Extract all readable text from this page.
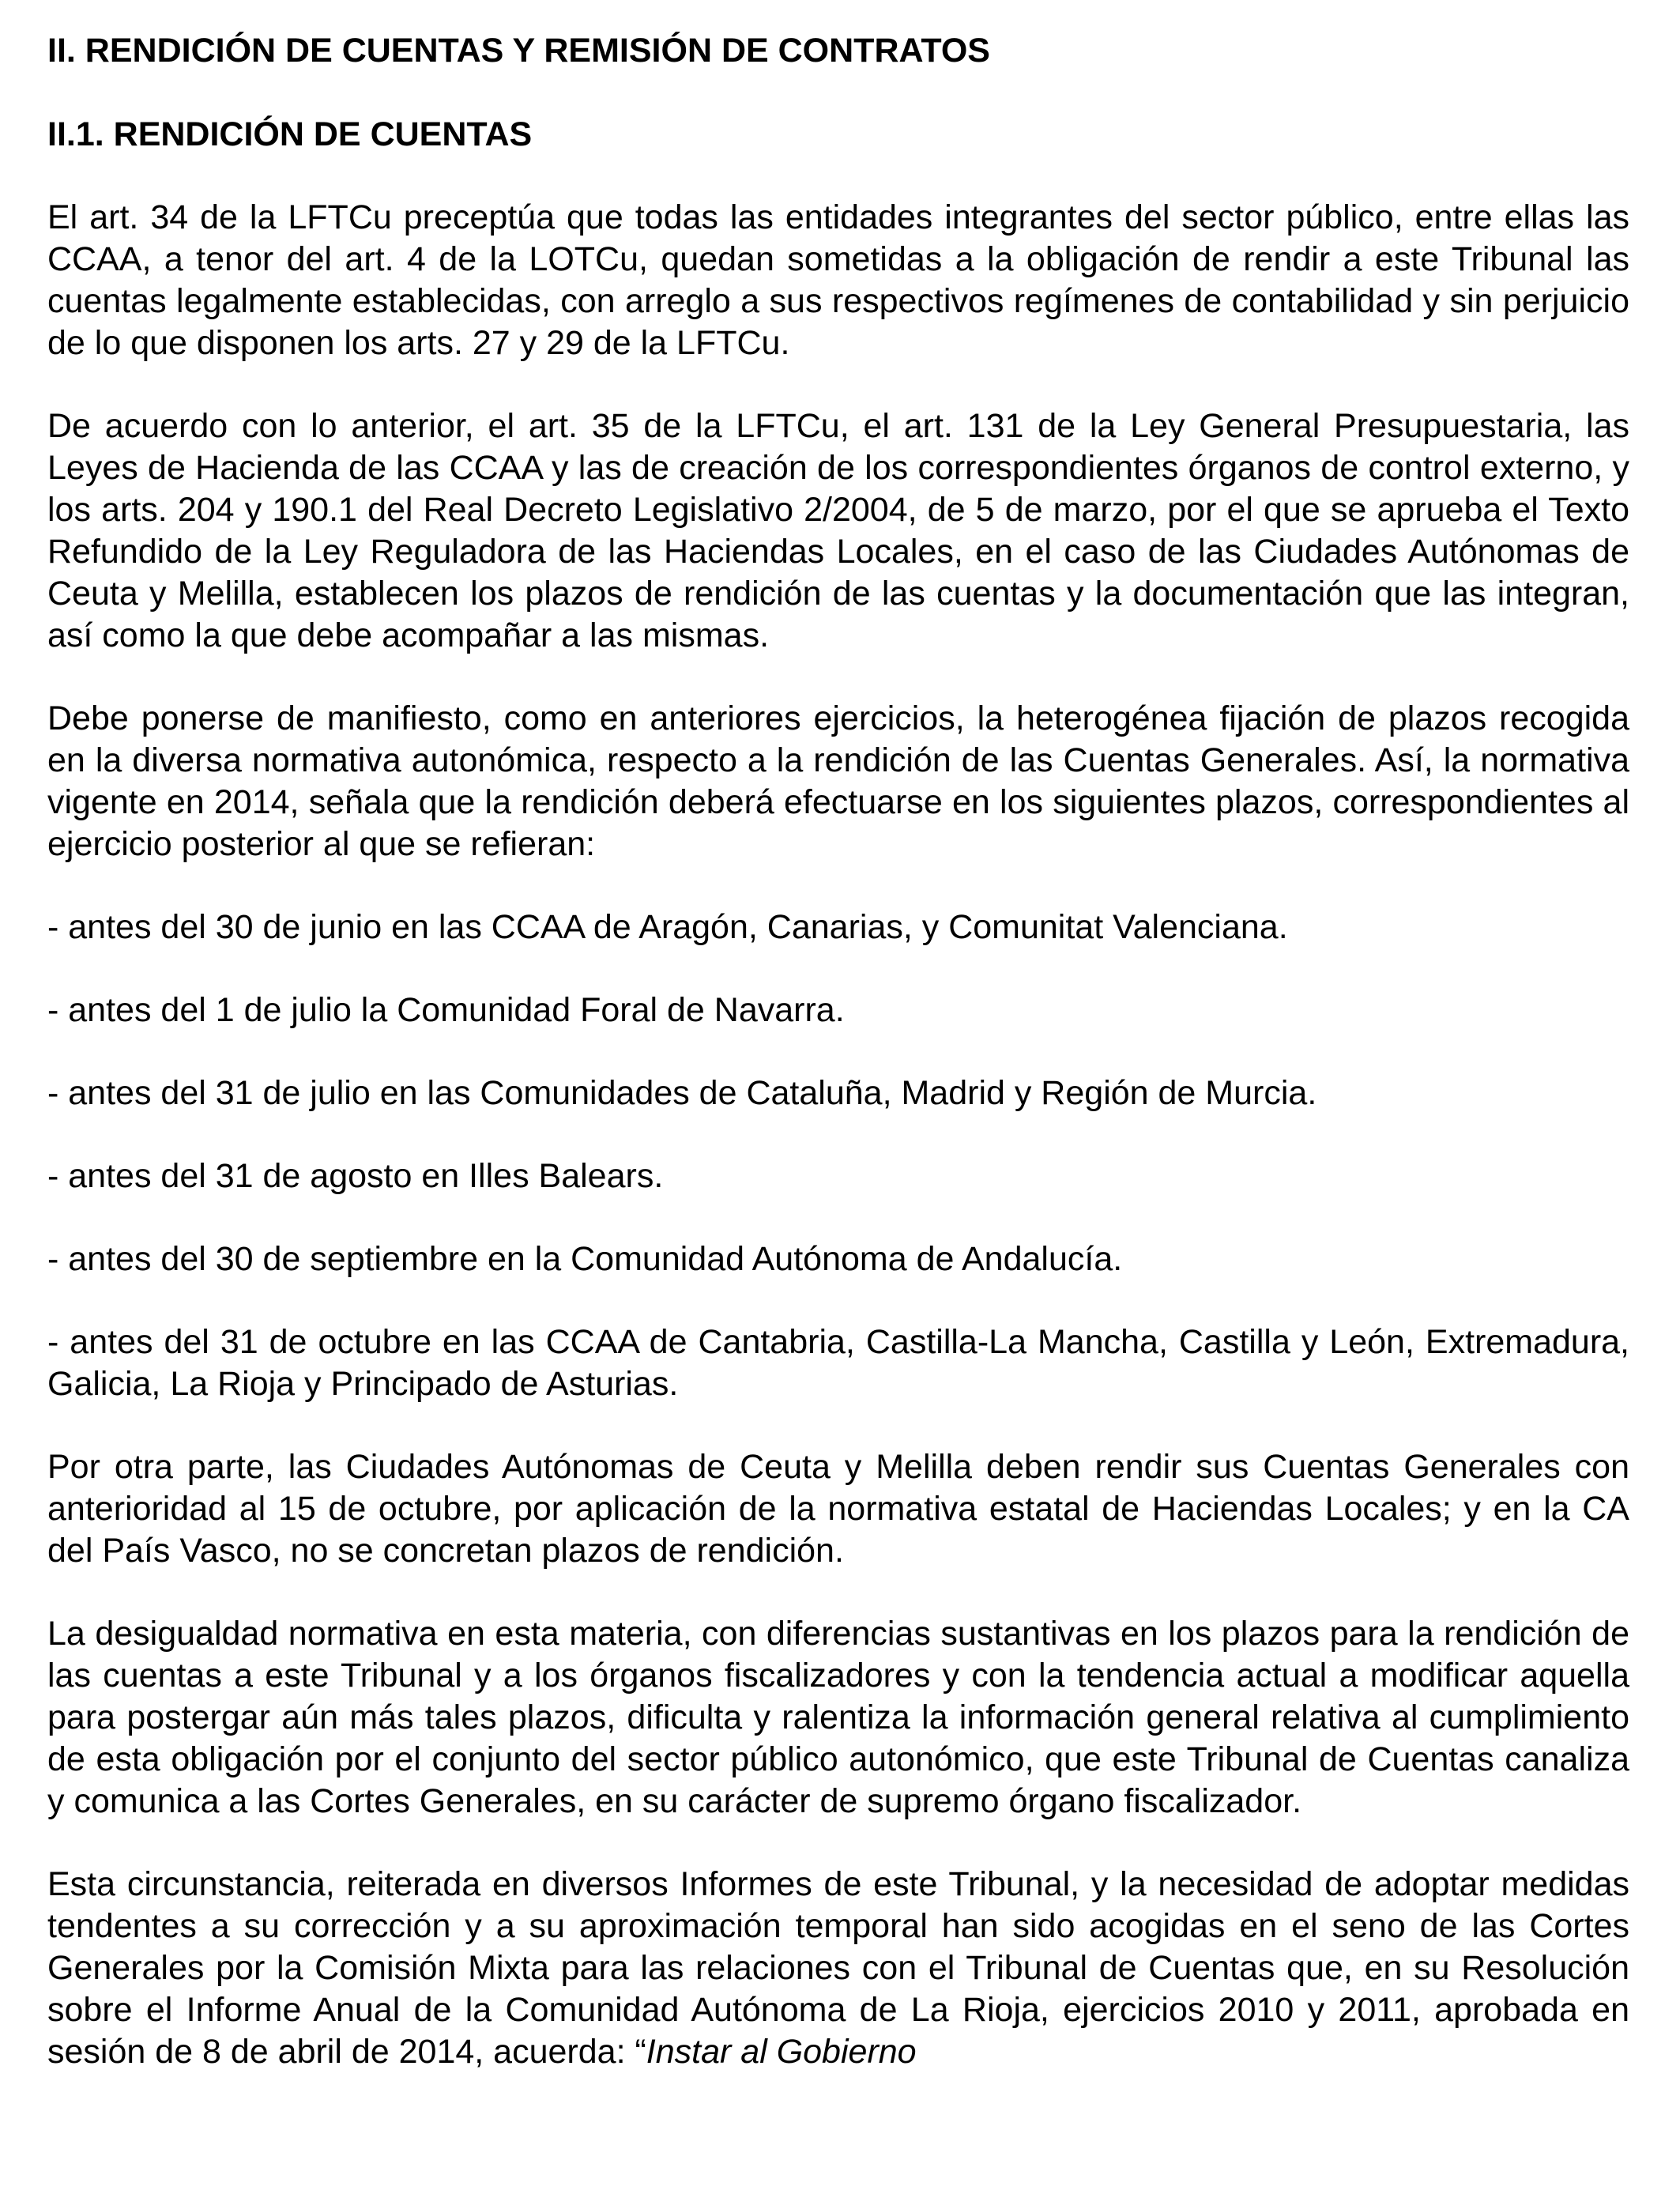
II. RENDICIÓN DE CUENTAS Y REMISIÓN DE CONTRATOS
II.1. RENDICIÓN DE CUENTAS

El art. 34 de la LFTCu preceptúa que todas las entidades integrantes del sector público, entre ellas las CCAA, a tenor del art. 4 de la LOTCu, quedan sometidas a la obligación de rendir a este Tribunal las cuentas legalmente establecidas, con arreglo a sus respectivos regímenes de contabilidad y sin perjuicio de lo que disponen los arts. 27 y 29 de la LFTCu.

De acuerdo con lo anterior, el art. 35 de la LFTCu, el art. 131 de la Ley General Presupuestaria, las Leyes de Hacienda de las CCAA y las de creación de los correspondientes órganos de control externo, y los arts. 204 y 190.1 del Real Decreto Legislativo 2/2004, de 5 de marzo, por el que se aprueba el Texto Refundido de la Ley Reguladora de las Haciendas Locales, en el caso de las Ciudades Autónomas de Ceuta y Melilla, establecen los plazos de rendición de las cuentas y la documentación que las integran, así como la que debe acompañar a las mismas.

Debe ponerse de manifiesto, como en anteriores ejercicios, la heterogénea fijación de plazos recogida en la diversa normativa autonómica, respecto a la rendición de las Cuentas Generales. Así, la normativa vigente en 2014, señala que la rendición deberá efectuarse en los siguientes plazos, correspondientes al ejercicio posterior al que se refieran:

- antes del 30 de junio en las CCAA de Aragón, Canarias, y Comunitat Valenciana.

- antes del 1 de julio la Comunidad Foral de Navarra.

- antes del 31 de julio en las Comunidades de Cataluña, Madrid y Región de Murcia.

- antes del 31 de agosto en Illes Balears.

- antes del 30 de septiembre en la Comunidad Autónoma de Andalucía.

- antes del 31 de octubre en las CCAA de Cantabria, Castilla-La Mancha, Castilla y León, Extremadura, Galicia, La Rioja y Principado de Asturias.

Por otra parte, las Ciudades Autónomas de Ceuta y Melilla deben rendir sus Cuentas Generales con anterioridad al 15 de octubre, por aplicación de la normativa estatal de Haciendas Locales; y en la CA del País Vasco, no se concretan plazos de rendición.

La desigualdad normativa en esta materia, con diferencias sustantivas en los plazos para la rendición de las cuentas a este Tribunal y a los órganos fiscalizadores y con la tendencia actual a modificar aquella para postergar aún más tales plazos, dificulta y ralentiza la información general relativa al cumplimiento de esta obligación por el conjunto del sector público autonómico, que este Tribunal de Cuentas canaliza y comunica a las Cortes Generales, en su carácter de supremo órgano fiscalizador.

Esta circunstancia, reiterada en diversos Informes de este Tribunal, y la necesidad de adoptar medidas tendentes a su corrección y a su aproximación temporal han sido acogidas en el seno de las Cortes Generales por la Comisión Mixta para las relaciones con el Tribunal de Cuentas que, en su Resolución sobre el Informe Anual de la Comunidad Autónoma de La Rioja, ejercicios 2010 y 2011, aprobada en sesión de 8 de abril de 2014, acuerda: “Instar al Gobierno
